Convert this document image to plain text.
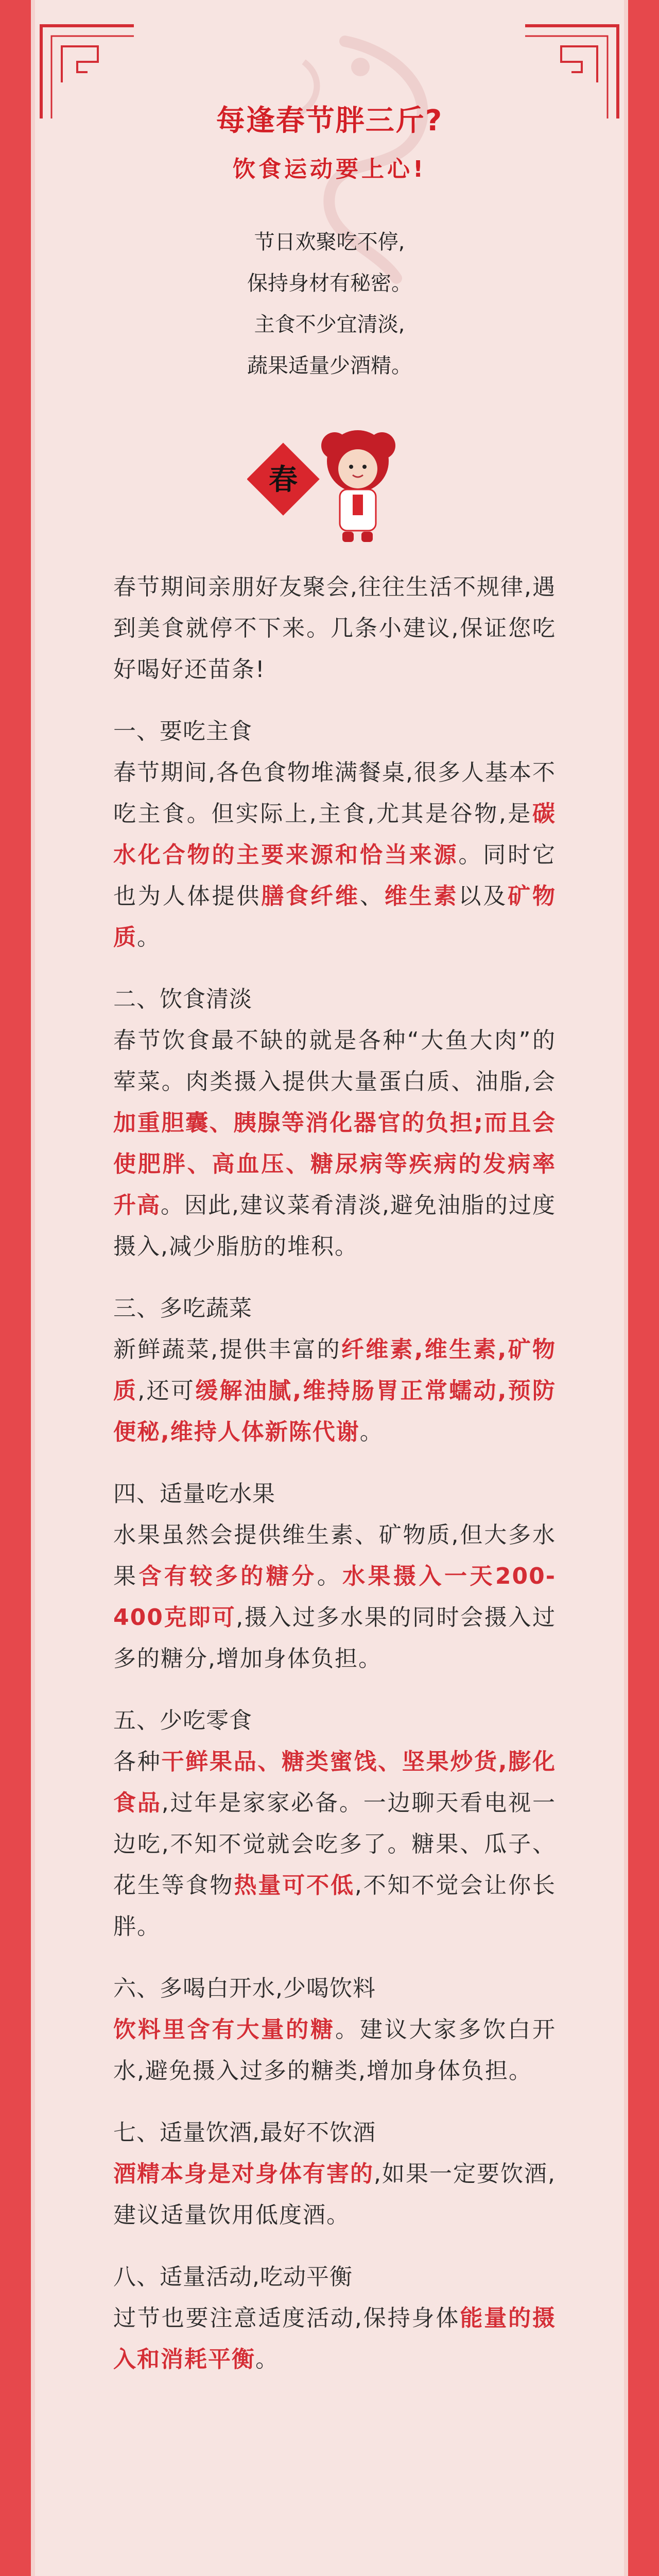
每逢春节胖三斤?
饮食运动要上心!
节日欢聚吃不停,
保持身材有秘密。
主食不少宜清淡,
蔬果适量少酒精。
春

春节期间亲朋好友聚会,往往生活不规律,遇到美食就停不下来。几条小建议,保证您吃好喝好还苗条!

一、要吃主食

春节期间,各色食物堆满餐桌,很多人基本不吃主食。但实际上,主食,尤其是谷物,是碳水化合物的主要来源和恰当来源。同时它也为人体提供膳食纤维、维生素以及矿物质。

二、饮食清淡

春节饮食最不缺的就是各种“大鱼大肉”的荤菜。肉类摄入提供大量蛋白质、油脂,会加重胆囊、胰腺等消化器官的负担;而且会使肥胖、高血压、糖尿病等疾病的发病率升高。因此,建议菜肴清淡,避免油脂的过度摄入,减少脂肪的堆积。

三、多吃蔬菜

新鲜蔬菜,提供丰富的纤维素,维生素,矿物质,还可缓解油腻,维持肠胃正常蠕动,预防便秘,维持人体新陈代谢。

四、适量吃水果

水果虽然会提供维生素、矿物质,但大多水果含有较多的糖分。水果摄入一天200-400克即可,摄入过多水果的同时会摄入过多的糖分,增加身体负担。

五、少吃零食

各种干鲜果品、糖类蜜饯、坚果炒货,膨化食品,过年是家家必备。一边聊天看电视一边吃,不知不觉就会吃多了。糖果、瓜子、花生等食物热量可不低,不知不觉会让你长胖。

六、多喝白开水,少喝饮料

饮料里含有大量的糖。建议大家多饮白开水,避免摄入过多的糖类,增加身体负担。

七、适量饮酒,最好不饮酒

酒精本身是对身体有害的,如果一定要饮酒,建议适量饮用低度酒。

八、适量活动,吃动平衡

过节也要注意适度活动,保持身体能量的摄入和消耗平衡。
